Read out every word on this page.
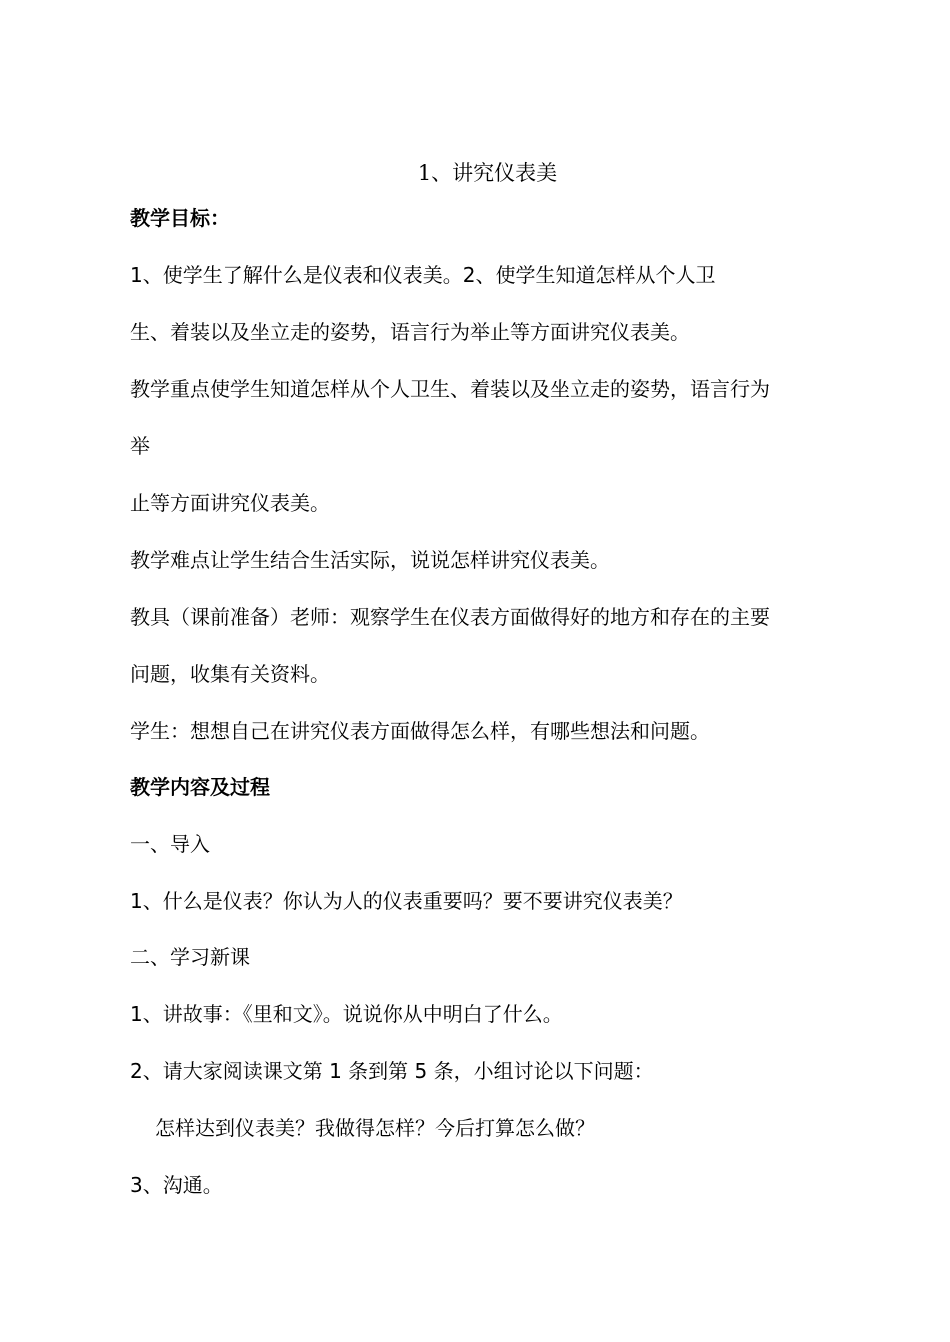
1、讲究仪表美
教学目标：
1、使学生了解什么是仪表和仪表美。2、使学生知道怎样从个人卫
生、着装以及坐立走的姿势，语言行为举止等方面讲究仪表美。
教学重点使学生知道怎样从个人卫生、着装以及坐立走的姿势，语言行为
举
止等方面讲究仪表美。
教学难点让学生结合生活实际，说说怎样讲究仪表美。
教具（课前准备）老师：观察学生在仪表方面做得好的地方和存在的主要
问题，收集有关资料。
学生：想想自己在讲究仪表方面做得怎么样，有哪些想法和问题。
教学内容及过程
一、导入
1、什么是仪表？你认为人的仪表重要吗？要不要讲究仪表美？
二、学习新课
1、讲故事：《里和文》。说说你从中明白了什么。
2、请大家阅读课文第 1 条到第 5 条，小组讨论以下问题：
怎样达到仪表美？我做得怎样？今后打算怎么做？
3、沟通。
